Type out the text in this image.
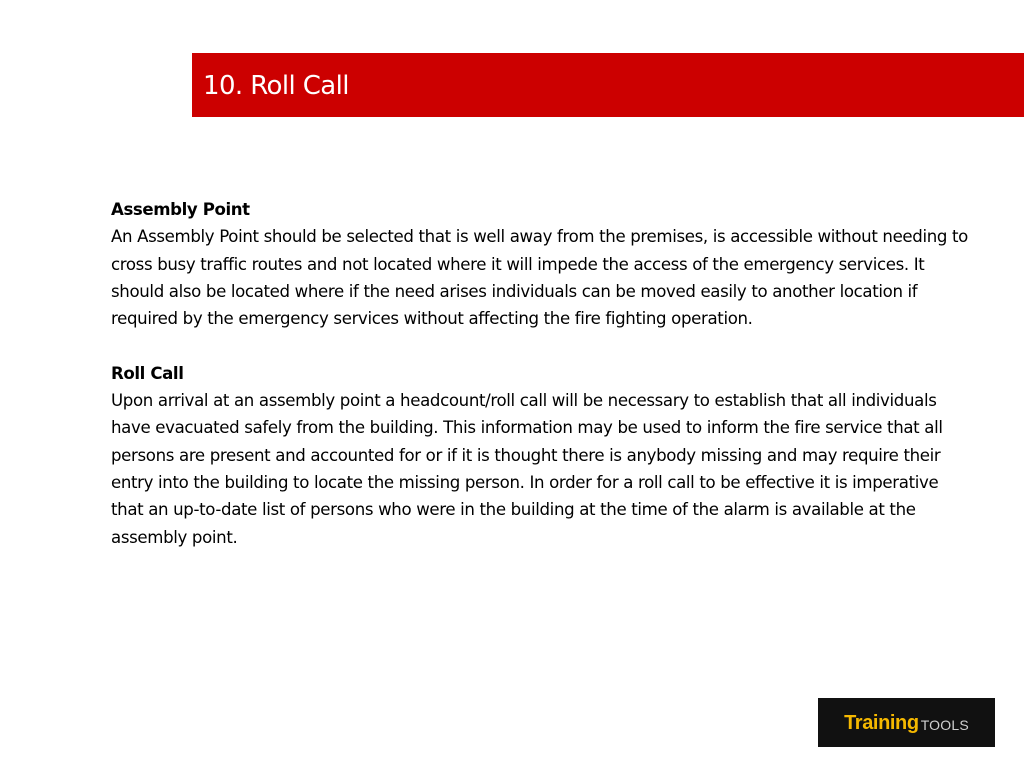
10. Roll Call
Assembly Point

An Assembly Point should be selected that is well away from the premises, is accessible without needing to cross busy traffic routes and not located where it will impede the access of the emergency services. It should also be located where if the need arises individuals can be moved easily to another location if required by the emergency services without affecting the fire fighting operation.

Roll Call

Upon arrival at an assembly point a headcount/roll call will be necessary to establish that all individuals have evacuated safely from the building. This information may be used to inform the fire service that all persons are present and accounted for or if it is thought there is anybody missing and may require their entry into the building to locate the missing person. In order for a roll call to be effective it is imperative that an up-to-date list of persons who were in the building at the time of the alarm is available at the assembly point.

Training TOOLS
